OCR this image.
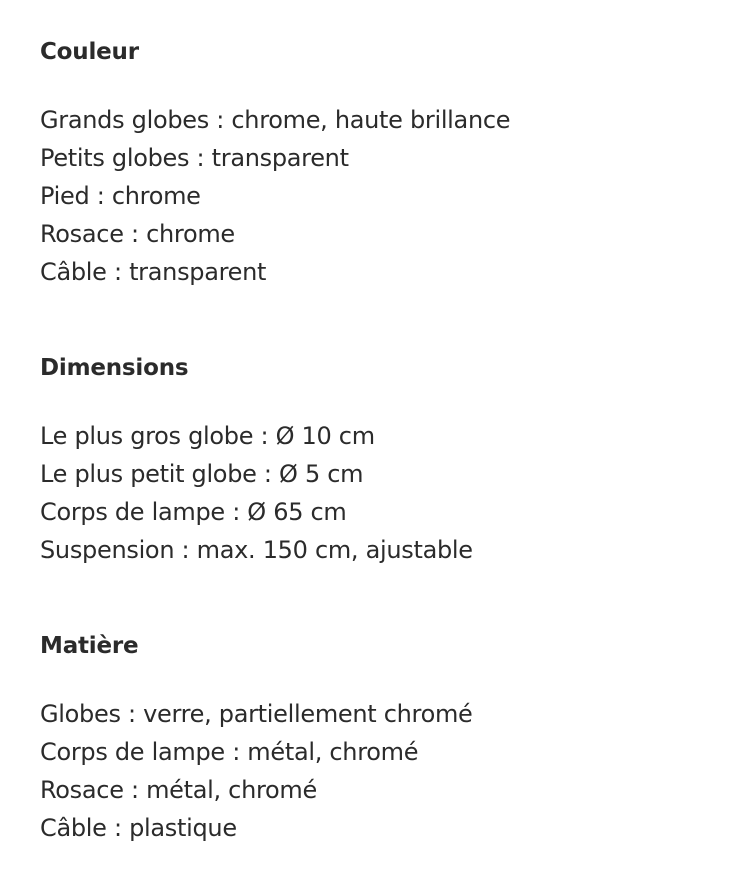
Couleur
Grands globes : chrome, haute brillance
Petits globes : transparent
Pied : chrome
Rosace : chrome
Câble : transparent
Dimensions
Le plus gros globe : Ø 10 cm
Le plus petit globe : Ø 5 cm
Corps de lampe : Ø 65 cm
Suspension : max. 150 cm, ajustable
Matière
Globes : verre, partiellement chromé
Corps de lampe : métal, chromé
Rosace : métal, chromé
Câble : plastique
